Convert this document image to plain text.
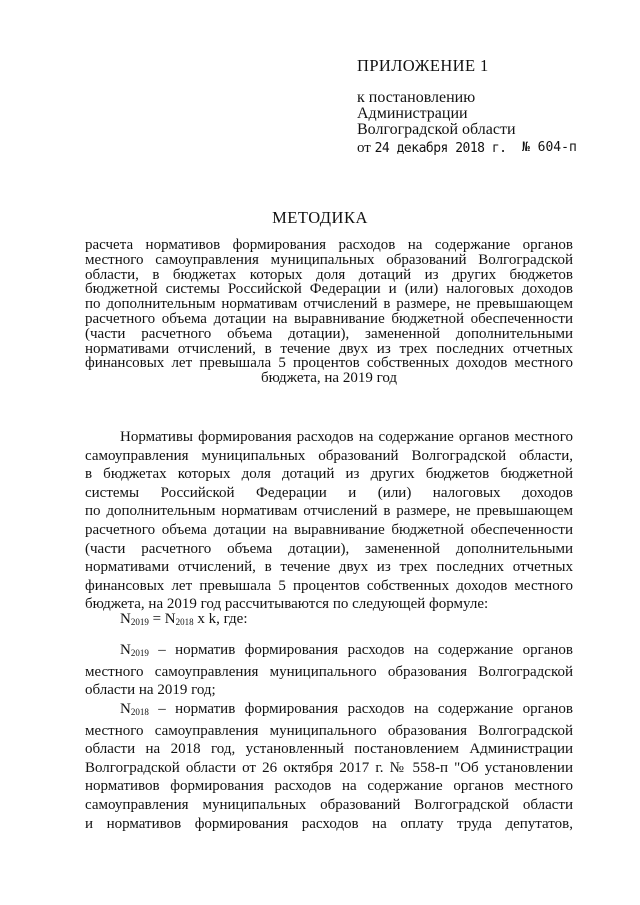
ПРИЛОЖЕНИЕ 1
к постановлению
Администрации
Волгоградской области
от 24 декабря 2018 г. № 604-п
МЕТОДИКА
расчета нормативов формирования расходов на содержание органов
местного самоуправления муниципальных образований Волгоградской
области, в бюджетах которых доля дотаций из других бюджетов
бюджетной системы Российской Федерации и (или) налоговых доходов
по дополнительным нормативам отчислений в размере, не превышающем
расчетного объема дотации на выравнивание бюджетной обеспеченности
(части расчетного объема дотации), замененной дополнительными
нормативами отчислений, в течение двух из трех последних отчетных
финансовых лет превышала 5 процентов собственных доходов местного
бюджета, на 2019 год
Нормативы формирования расходов на содержание органов местного
самоуправления муниципальных образований Волгоградской области,
в бюджетах которых доля дотаций из других бюджетов бюджетной
системы Российской Федерации и (или) налоговых доходов
по дополнительным нормативам отчислений в размере, не превышающем
расчетного объема дотации на выравнивание бюджетной обеспеченности
(части расчетного объема дотации), замененной дополнительными
нормативами отчислений, в течение двух из трех последних отчетных
финансовых лет превышала 5 процентов собственных доходов местного
бюджета, на 2019 год рассчитываются по следующей формуле:
$N_{2019} = N_{2018}$ x k, где:
$N_{2019}$ – норматив формирования расходов на содержание органов
местного самоуправления муниципального образования Волгоградской
области на 2019 год;
$N_{2018}$ – норматив формирования расходов на содержание органов
местного самоуправления муниципального образования Волгоградской
области на 2018 год, установленный постановлением Администрации
Волгоградской области от 26 октября 2017 г. № 558-п "Об установлении
нормативов формирования расходов на содержание органов местного
самоуправления муниципальных образований Волгоградской области
и нормативов формирования расходов на оплату труда депутатов,
